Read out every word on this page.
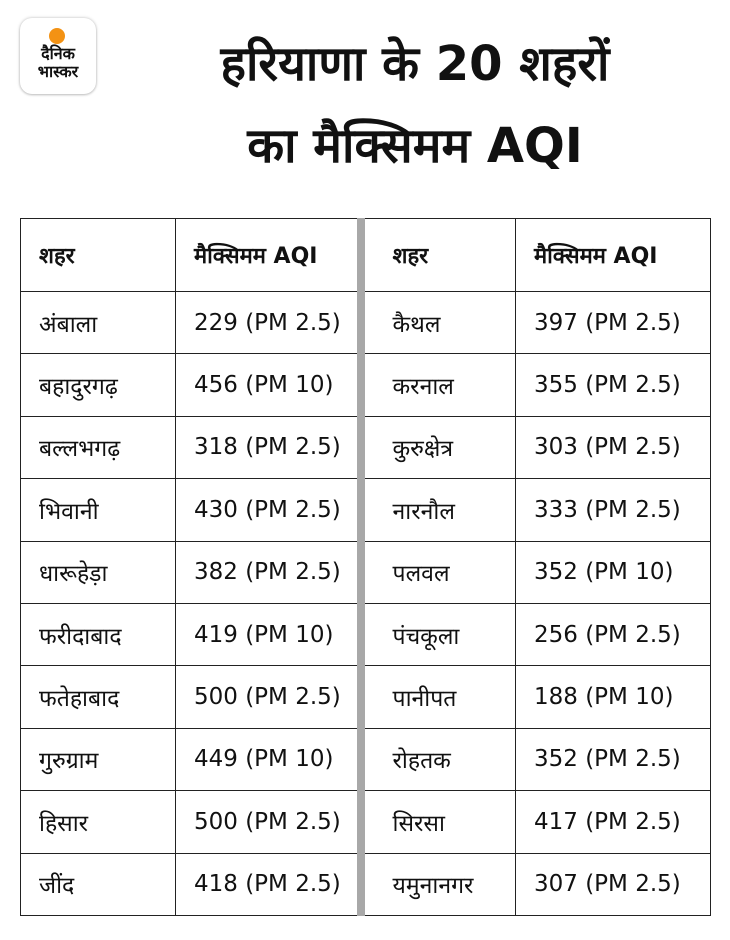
दैनिक
भास्कर	हरियाणा के 20 शहरों
का मैक्सिमम AQI
शहर	मैक्सिमम AQI	शहर	मैक्सिमम AQI
अंबाला	229 (PM 2.5)	कैथल	397 (PM 2.5)
बहादुरगढ़	456 (PM 10)	करनाल	355 (PM 2.5)
बल्लभगढ़	318 (PM 2.5)	कुरुक्षेत्र	303 (PM 2.5)
भिवानी	430 (PM 2.5)	नारनौल	333 (PM 2.5)
धारूहेड़ा	382 (PM 2.5)	पलवल	352 (PM 10)
फरीदाबाद	419 (PM 10)	पंचकूला	256 (PM 2.5)
फतेहाबाद	500 (PM 2.5)	पानीपत	188 (PM 10)
गुरुग्राम	449 (PM 10)	रोहतक	352 (PM 2.5)
हिसार	500 (PM 2.5)	सिरसा	417 (PM 2.5)
जींद	418 (PM 2.5)	यमुनानगर	307 (PM 2.5)
